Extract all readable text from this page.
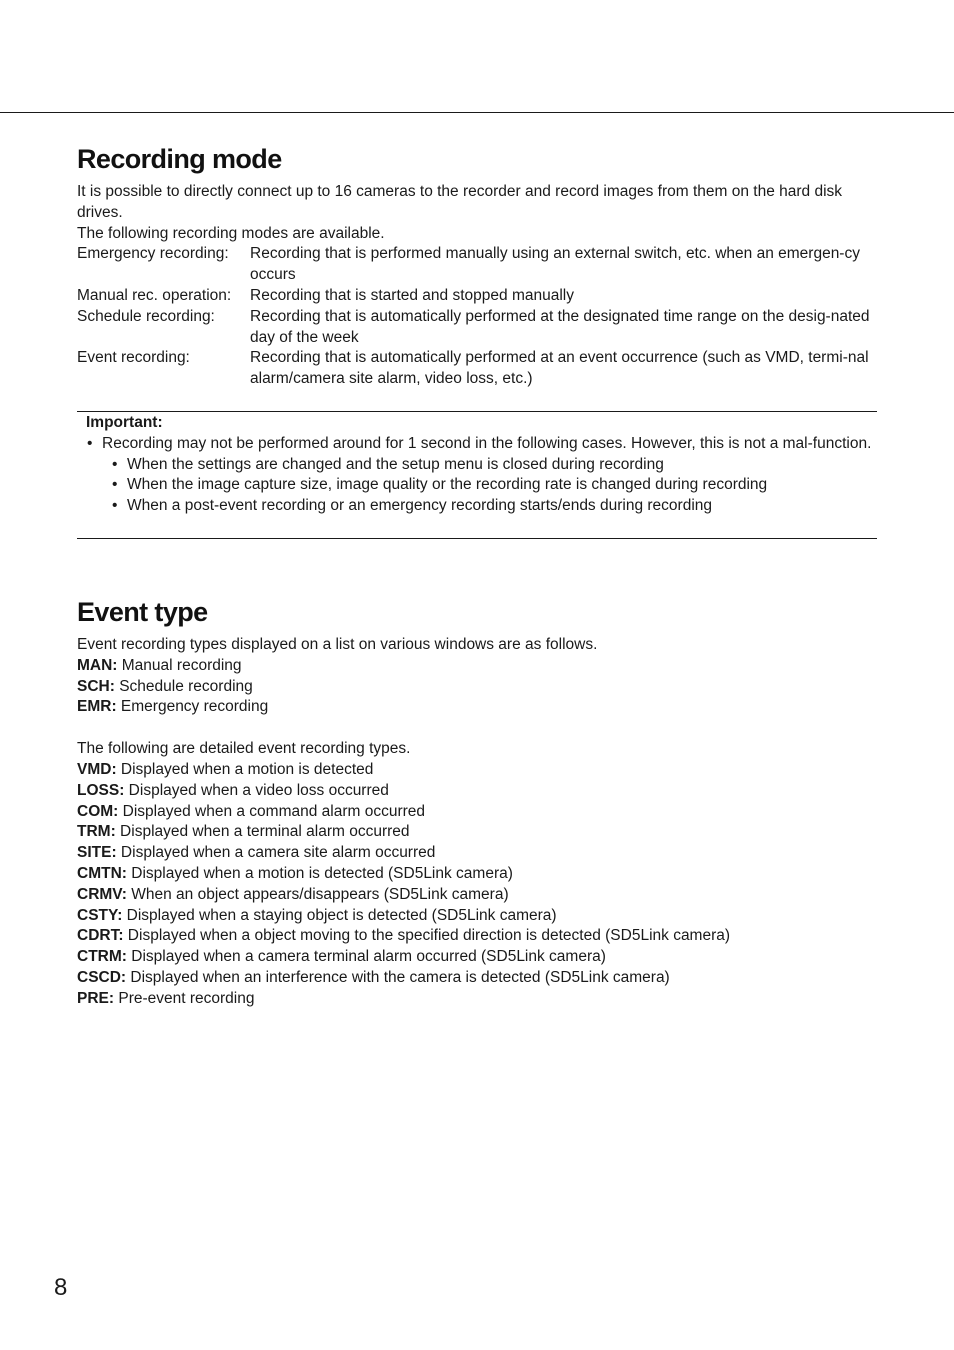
Recording mode
It is possible to directly connect up to 16 cameras to the recorder and record images from them on the hard disk drives.
The following recording modes are available.
Emergency recording:	Recording that is performed manually using an external switch, etc. when an emergen-cy occurs
Manual rec. operation:	Recording that is started and stopped manually
Schedule recording:	Recording that is automatically performed at the designated time range on the desig-nated day of the week
Event recording:	Recording that is automatically performed at an event occurrence (such as VMD, termi-nal alarm/camera site alarm, video loss, etc.)
Important:
• Recording may not be performed around for 1 second in the following cases. However, this is not a mal-function.
• When the settings are changed and the setup menu is closed during recording
• When the image capture size, image quality or the recording rate is changed during recording
• When a post-event recording or an emergency recording starts/ends during recording
Event type
Event recording types displayed on a list on various windows are as follows.
MAN: Manual recording
SCH: Schedule recording
EMR: Emergency recording
The following are detailed event recording types.
VMD: Displayed when a motion is detected
LOSS: Displayed when a video loss occurred
COM: Displayed when a command alarm occurred
TRM: Displayed when a terminal alarm occurred
SITE: Displayed when a camera site alarm occurred
CMTN: Displayed when a motion is detected (SD5Link camera)
CRMV: When an object appears/disappears (SD5Link camera)
CSTY: Displayed when a staying object is detected (SD5Link camera)
CDRT: Displayed when a object moving to the specified direction is detected (SD5Link camera)
CTRM: Displayed when a camera terminal alarm occurred (SD5Link camera)
CSCD: Displayed when an interference with the camera is detected (SD5Link camera)
PRE: Pre-event recording
8
